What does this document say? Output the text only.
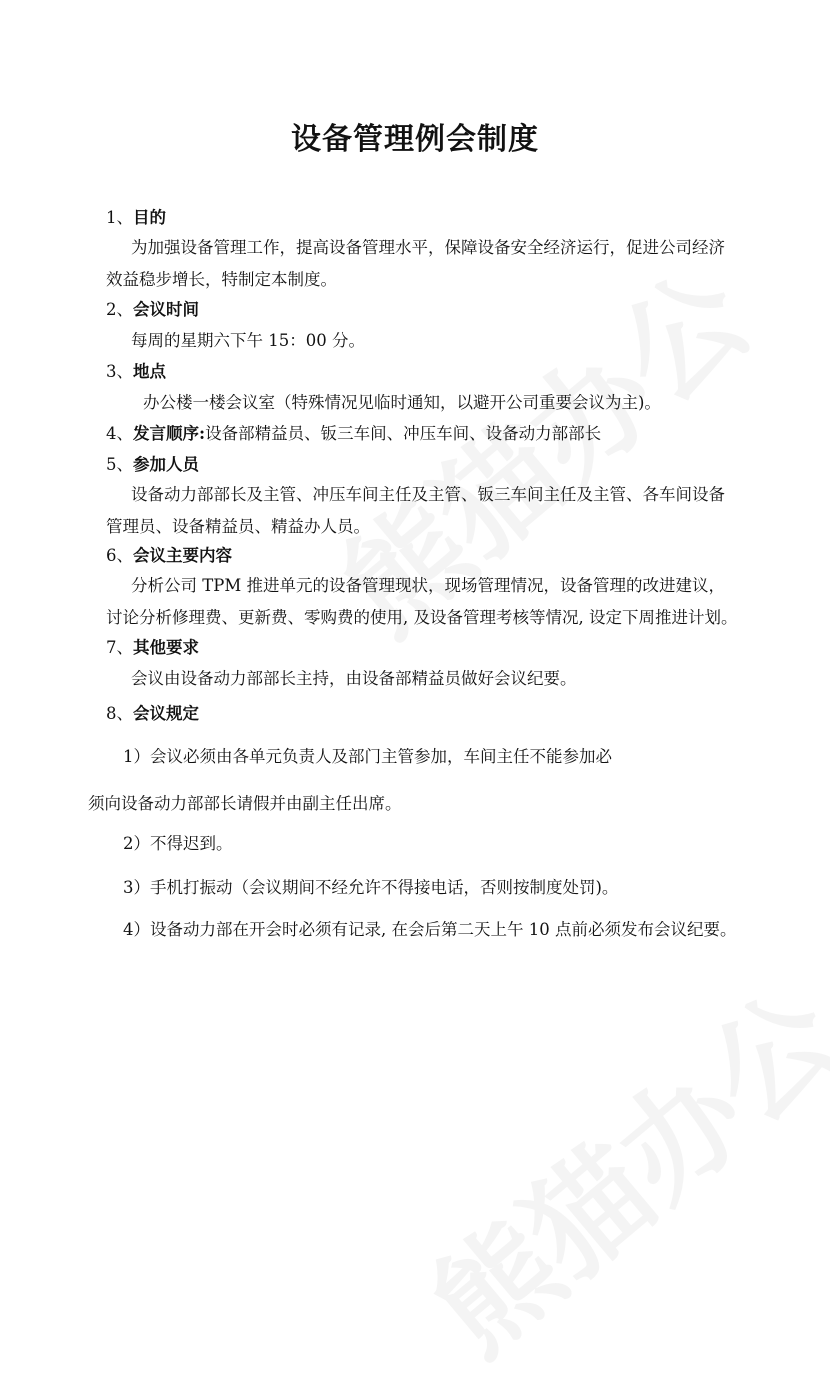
设备管理例会制度
1、目的
为加强设备管理工作，提高设备管理水平，保障设备安全经济运行，促进公司经济
效益稳步增长，特制定本制度。
2、会议时间
每周的星期六下午 15：00 分。
3、地点
办公楼一楼会议室（特殊情况见临时通知，以避开公司重要会议为主)。
4、发言顺序:设备部精益员、钣三车间、冲压车间、设备动力部部长
5、参加人员
设备动力部部长及主管、冲压车间主任及主管、钣三车间主任及主管、各车间设备
管理员、设备精益员、精益办人员。
6、会议主要内容
分析公司 TPM 推进单元的设备管理现状，现场管理情况，设备管理的改进建议，
讨论分析修理费、更新费、零购费的使用, 及设备管理考核等情况, 设定下周推进计划。
7、其他要求
会议由设备动力部部长主持，由设备部精益员做好会议纪要。
8、会议规定
1）会议必须由各单元负责人及部门主管参加，车间主任不能参加必
须向设备动力部部长请假并由副主任出席。
2）不得迟到。
3）手机打振动（会议期间不经允许不得接电话，否则按制度处罚)。
4）设备动力部在开会时必须有记录, 在会后第二天上午 10 点前必须发布会议纪要。
